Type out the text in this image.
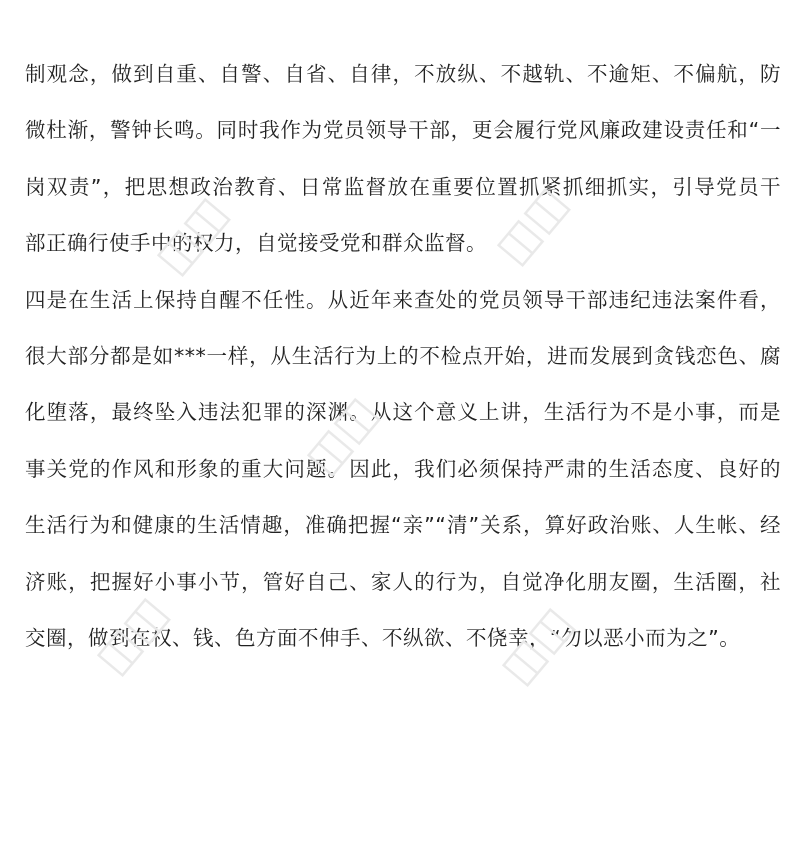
制观念，做到自重、自警、自省、自律，不放纵、不越轨、不逾矩、不偏航，防
微杜渐，警钟长鸣。同时我作为党员领导干部，更会履行党风廉政建设责任和“一
岗双责”，把思想政治教育、日常监督放在重要位置抓紧抓细抓实，引导党员干
部正确行使手中的权力，自觉接受党和群众监督。
四是在生活上保持自醒不任性。从近年来查处的党员领导干部违纪违法案件看，
很大部分都是如***一样，从生活行为上的不检点开始，进而发展到贪钱恋色、腐
化堕落，最终坠入违法犯罪的深渊。从这个意义上讲，生活行为不是小事，而是
事关党的作风和形象的重大问题。因此，我们必须保持严肃的生活态度、良好的
生活行为和健康的生活情趣，准确把握“亲”“清”关系，算好政治账、人生帐、经
济账，把握好小事小节，管好自己、家人的行为，自觉净化朋友圈，生活圈，社
交圈，做到在权、钱、色方面不伸手、不纵欲、不侥幸，“勿以恶小而为之”。
◫◫	◫◫
◫◫
◫◫	◫◫
